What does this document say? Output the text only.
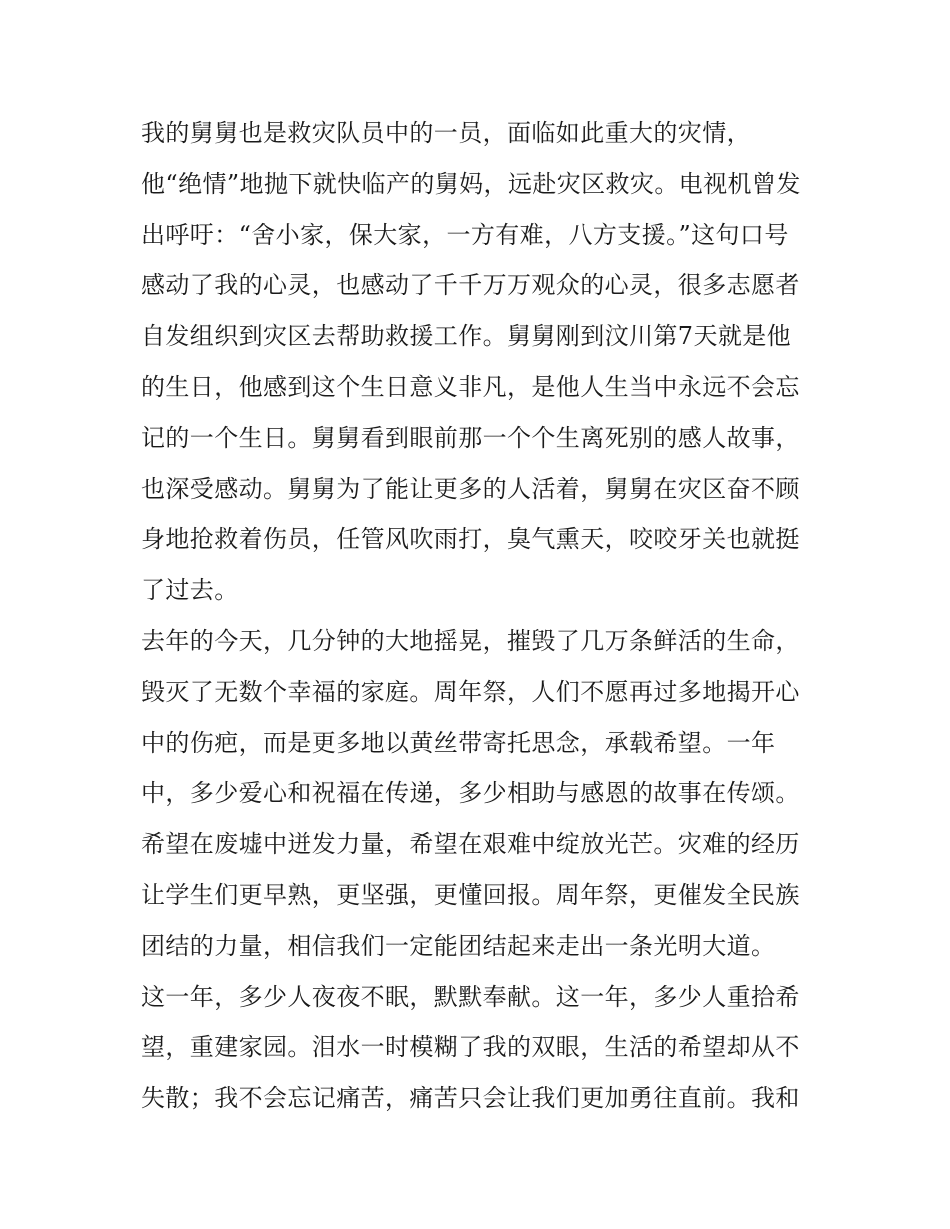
我的舅舅也是救灾队员中的一员，面临如此重大的灾情，
他“绝情”地抛下就快临产的舅妈，远赴灾区救灾。电视机曾发
出呼吁：“舍小家，保大家，一方有难，八方支援。”这句口号
感动了我的心灵，也感动了千千万万观众的心灵，很多志愿者
自发组织到灾区去帮助救援工作。舅舅刚到汶川第7天就是他
的生日，他感到这个生日意义非凡，是他人生当中永远不会忘
记的一个生日。舅舅看到眼前那一个个生离死别的感人故事，
也深受感动。舅舅为了能让更多的人活着，舅舅在灾区奋不顾
身地抢救着伤员，任管风吹雨打，臭气熏天，咬咬牙关也就挺
了过去。
去年的今天，几分钟的大地摇晃，摧毁了几万条鲜活的生命，
毁灭了无数个幸福的家庭。周年祭，人们不愿再过多地揭开心
中的伤疤，而是更多地以黄丝带寄托思念，承载希望。一年
中，多少爱心和祝福在传递，多少相助与感恩的故事在传颂。
希望在废墟中迸发力量，希望在艰难中绽放光芒。灾难的经历
让学生们更早熟，更坚强，更懂回报。周年祭，更催发全民族
团结的力量，相信我们一定能团结起来走出一条光明大道。
这一年，多少人夜夜不眠，默默奉献。这一年，多少人重拾希
望，重建家园。泪水一时模糊了我的双眼，生活的希望却从不
失散；我不会忘记痛苦，痛苦只会让我们更加勇往直前。我和
